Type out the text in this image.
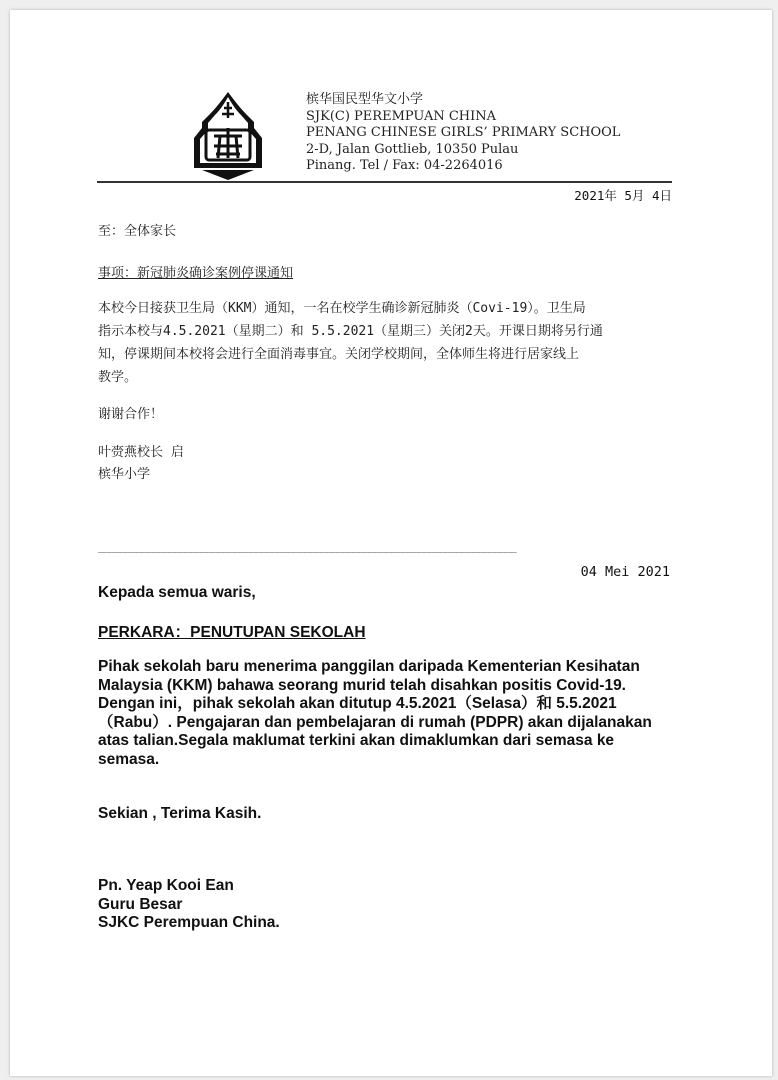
槟华国民型华文小学
SJK(C) PEREMPUAN CHINA
PENANG CHINESE GIRLS’ PRIMARY SCHOOL
2-D, Jalan Gottlieb, 10350 Pulau
Pinang. Tel / Fax: 04-2264016
2021年 5月 4日
至：全体家长
事项：新冠肺炎确诊案例停课通知
本校今日接获卫生局（KKM）通知，一名在校学生确诊新冠肺炎（Covi-19）。卫生局
指示本校与4.5.2021（星期二）和 5.5.2021（星期三）关闭2天。开课日期将另行通
知，停课期间本校将会进行全面消毒事宜。关闭学校期间，全体师生将进行居家线上
教学。
谢谢合作！
叶赍燕校长 启
槟华小学
_____________________________________________________________________________
04 Mei 2021
Kepada semua waris,
PERKARA：PENUTUPAN SEKOLAH
Pihak sekolah baru menerima panggilan daripada Kementerian Kesihatan
Malaysia (KKM) bahawa seorang murid telah disahkan positis Covid-19.
Dengan ini，pihak sekolah akan ditutup 4.5.2021（Selasa）和 5.5.2021
（Rabu）. Pengajaran dan pembelajaran di rumah (PDPR) akan dijalanakan
atas talian.Segala maklumat terkini akan dimaklumkan dari semasa ke
semasa.
Sekian , Terima Kasih.
Pn. Yeap Kooi Ean
Guru Besar
SJKC Perempuan China.
